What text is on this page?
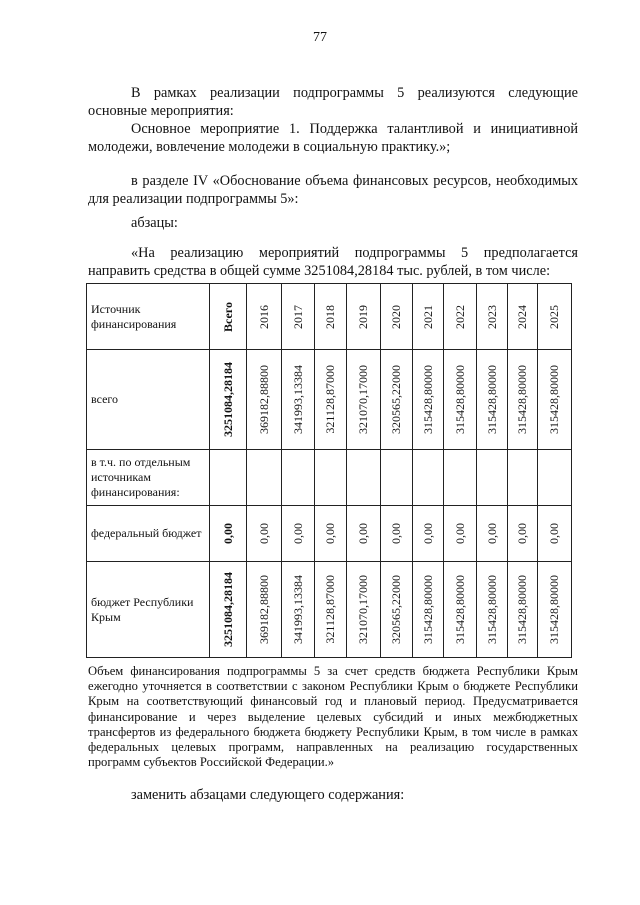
77
В рамках реализации подпрограммы 5 реализуются следующие основные мероприятия:
Основное мероприятие 1. Поддержка талантливой и инициативной молодежи, вовлечение молодежи в социальную практику.»;
в разделе IV «Обоснование объема финансовых ресурсов, необходимых для реализации подпрограммы 5»:
абзацы:
«На реализацию мероприятий подпрограммы 5 предполагается направить средства в общей сумме 3251084,28184 тыс. рублей, в том числе:
Источник финансирования	Всего	2016	2017	2018	2019	2020	2021	2022	2023	2024	2025

всего	3251084,28184	369182,88800	341993,13384	321128,87000	321070,17000	320565,22000	315428,80000	315428,80000	315428,80000	315428,80000	315428,80000

в т.ч. по отдельным источникам финансирования:	

федеральный бюджет	0,00	0,00	0,00	0,00	0,00	0,00	0,00	0,00	0,00	0,00	0,00

бюджет Республики Крым	3251084,28184	369182,88800	341993,13384	321128,87000	321070,17000	320565,22000	315428,80000	315428,80000	315428,80000	315428,80000	315428,80000
Объем финансирования подпрограммы 5 за счет средств бюджета Республики Крым ежегодно уточняется в соответствии с законом Республики Крым о бюджете Республики Крым на соответствующий финансовый год и плановый период. Предусматривается финансирование и через выделение целевых субсидий и иных межбюджетных трансфертов из федерального бюджета бюджету Республики Крым, в том числе в рамках федеральных целевых программ, направленных на реализацию государственных программ субъектов Российской Федерации.»
заменить абзацами следующего содержания:
